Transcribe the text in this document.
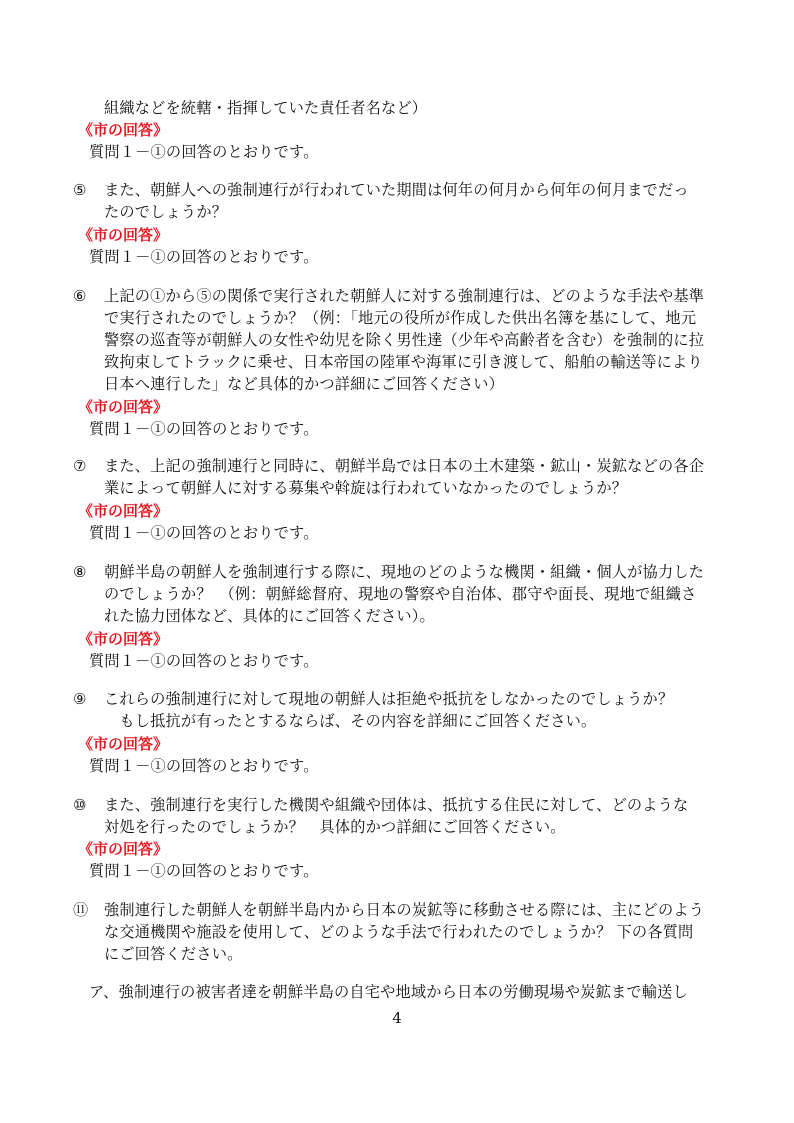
組織などを統轄・指揮していた責任者名など）
《市の回答》
質問１－①の回答のとおりです。
⑤ また、朝鮮人への強制連行が行われていた期間は何年の何月から何年の何月までだっ
たのでしょうか？
《市の回答》
質問１－①の回答のとおりです。
⑥ 上記の①から⑤の関係で実行された朝鮮人に対する強制連行は、どのような手法や基準
で実行されたのでしょうか？（例：「地元の役所が作成した供出名簿を基にして、地元
警察の巡査等が朝鮮人の女性や幼児を除く男性達（少年や高齢者を含む）を強制的に拉
致拘束してトラックに乗せ、日本帝国の陸軍や海軍に引き渡して、船舶の輸送等により
日本へ連行した」など具体的かつ詳細にご回答ください）
《市の回答》
質問１－①の回答のとおりです。
⑦ また、上記の強制連行と同時に、朝鮮半島では日本の土木建築・鉱山・炭鉱などの各企
業によって朝鮮人に対する募集や斡旋は行われていなかったのでしょうか？
《市の回答》
質問１－①の回答のとおりです。
⑧ 朝鮮半島の朝鮮人を強制連行する際に、現地のどのような機関・組織・個人が協力した
のでしょうか？　（例：朝鮮総督府、現地の警察や自治体、郡守や面長、現地で組織さ
れた協力団体など、具体的にご回答ください）。
《市の回答》
質問１－①の回答のとおりです。
⑨ これらの強制連行に対して現地の朝鮮人は拒絶や抵抗をしなかったのでしょうか？
　もし抵抗が有ったとするならば、その内容を詳細にご回答ください。
《市の回答》
質問１－①の回答のとおりです。
⑩ また、強制連行を実行した機関や組織や団体は、抵抗する住民に対して、どのような
対処を行ったのでしょうか？　具体的かつ詳細にご回答ください。
《市の回答》
質問１－①の回答のとおりです。
⑪ 強制連行した朝鮮人を朝鮮半島内から日本の炭鉱等に移動させる際には、主にどのよう
な交通機関や施設を使用して、どのような手法で行われたのでしょうか？ 下の各質問
にご回答ください。
ア、強制連行の被害者達を朝鮮半島の自宅や地域から日本の労働現場や炭鉱まで輸送し
4
